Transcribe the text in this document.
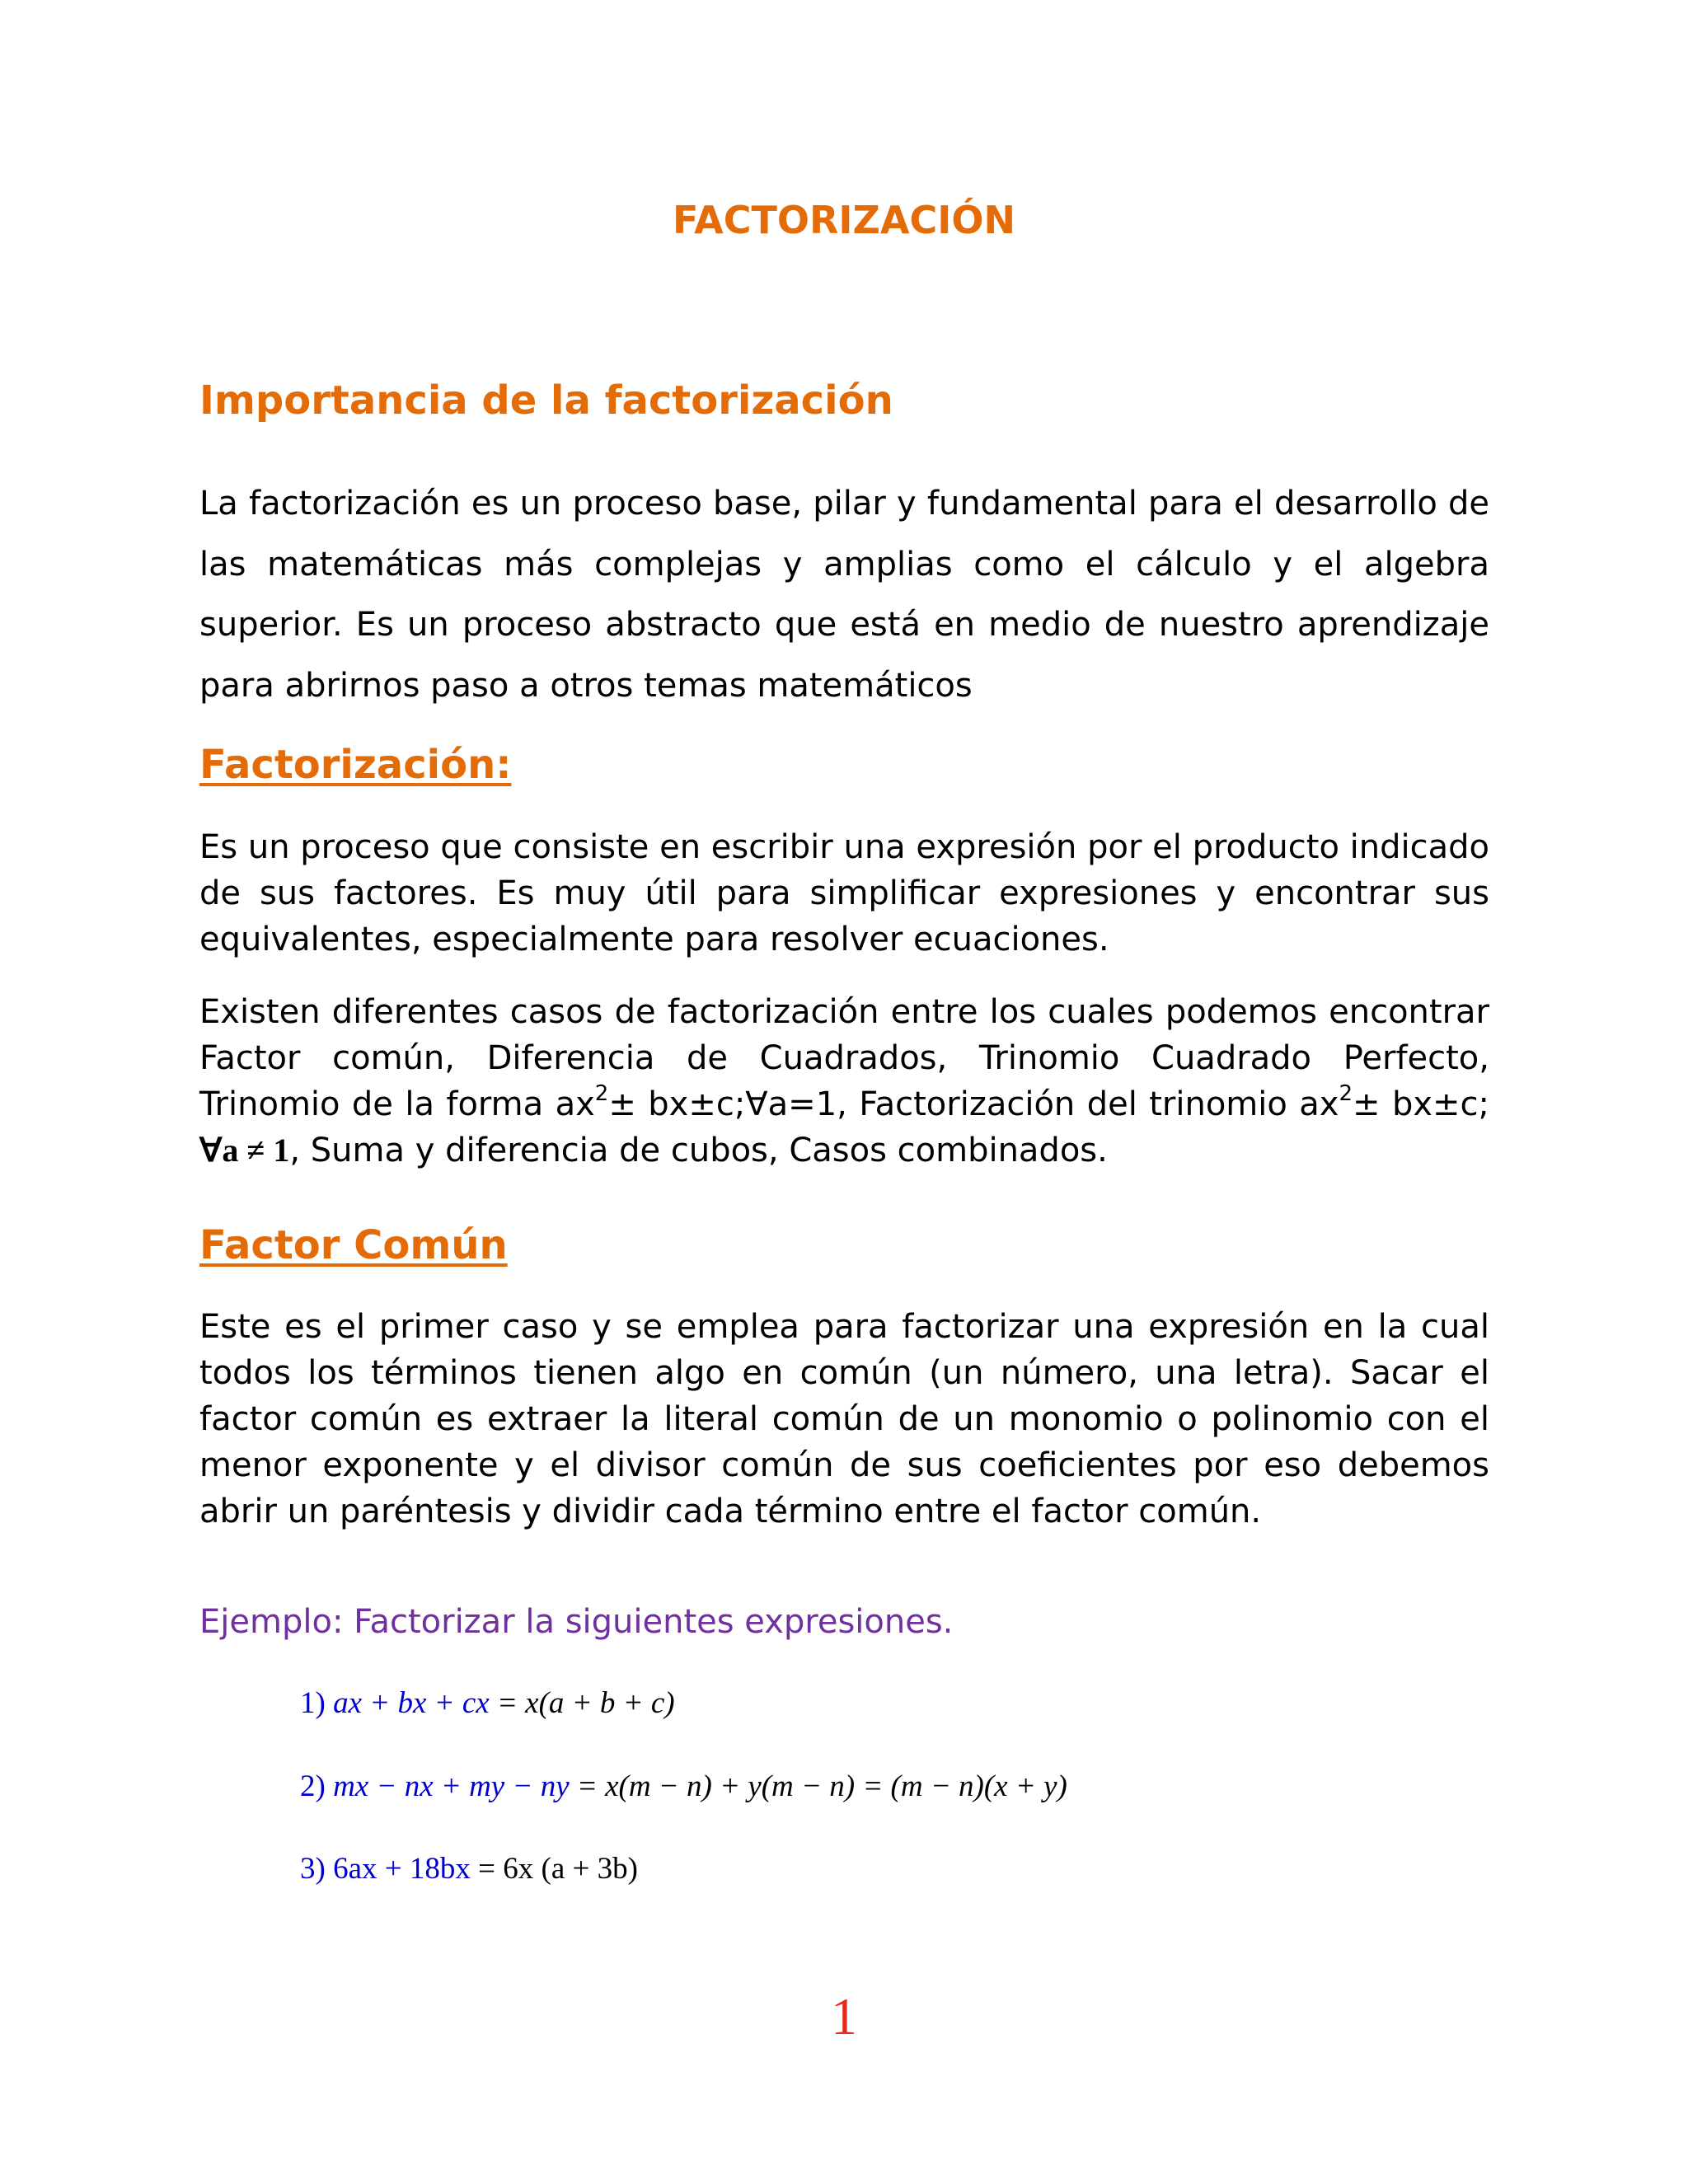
FACTORIZACIÓN
Importancia de la factorización

La factorización es un proceso base, pilar y fundamental para el desarrollo de las matemáticas más complejas y amplias como el cálculo y el algebra superior. Es un proceso abstracto que está en medio de nuestro aprendizaje para abrirnos paso a otros temas matemáticos

Factorización:

Es un proceso que consiste en escribir una expresión por el producto indicado de sus factores. Es muy útil para simplificar expresiones y encontrar sus equivalentes, especialmente para resolver ecuaciones.

Existen diferentes casos de factorización entre los cuales podemos encontrar Factor común, Diferencia de Cuadrados, Trinomio Cuadrado Perfecto, Trinomio de la forma $ax^2\pm$ bx±c;∀a=1, Factorización del trinomio $ax^2\pm bx\pm c$; ∀a ≠ 1, Suma y diferencia de cubos, Casos combinados.

Factor Común

Este es el primer caso y se emplea para factorizar una expresión en la cual todos los términos tienen algo en común (un número, una letra). Sacar el factor común es extraer la literal común de un monomio o polinomio con el menor exponente y el divisor común de sus coeficientes por eso debemos abrir un paréntesis y dividir cada término entre el factor común.

Ejemplo: Factorizar la siguientes expresiones.

1) ax + bx + cx = x(a + b + c)

2) mx − nx + my − ny = x(m − n) + y(m − n) = (m − n)(x + y)

3) 6ax + 18bx = 6x (a + 3b)

1
